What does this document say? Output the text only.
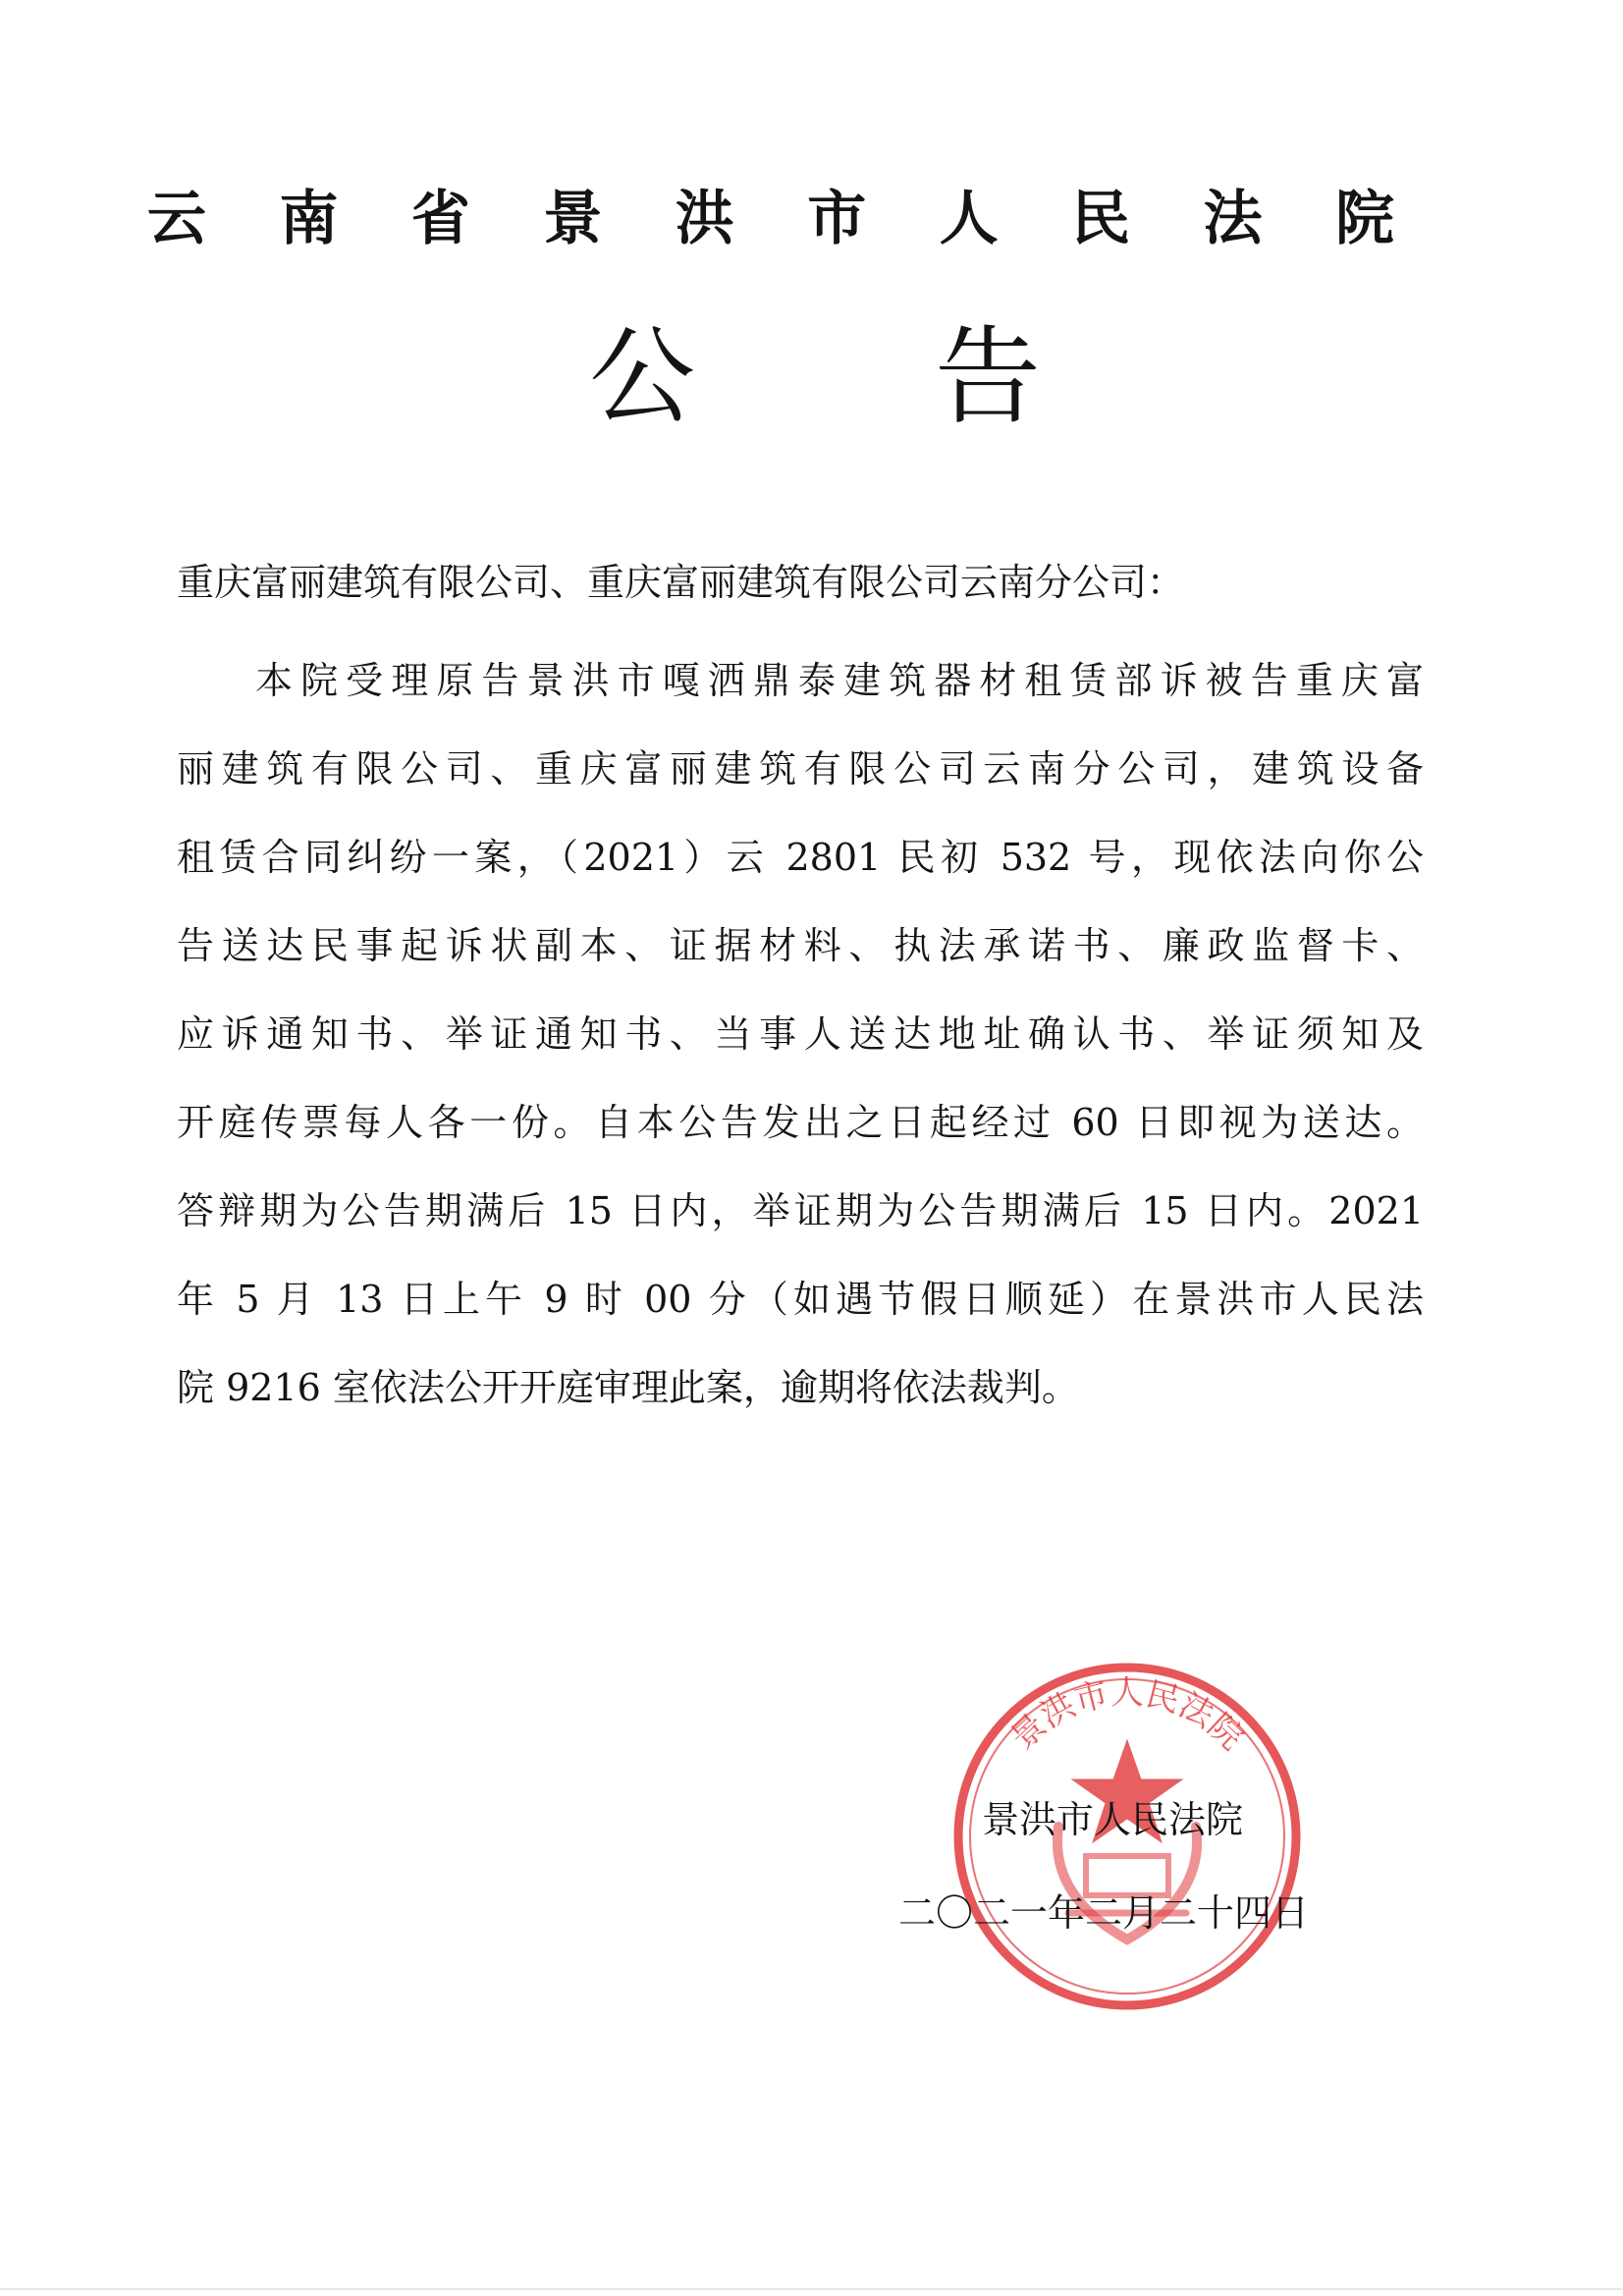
云 南 省 景 洪 市 人 民 法 院
公 告
重庆富丽建筑有限公司、重庆富丽建筑有限公司云南分公司：
本院受理原告景洪市嘎洒鼎泰建筑器材租赁部诉被告重庆富
丽建筑有限公司、重庆富丽建筑有限公司云南分公司，建筑设备
租赁合同纠纷一案，（2021）云 2801 民初 532 号，现依法向你公
告送达民事起诉状副本、证据材料、执法承诺书、廉政监督卡、
应诉通知书、举证通知书、当事人送达地址确认书、举证须知及
开庭传票每人各一份。自本公告发出之日起经过 60 日即视为送达。
答辩期为公告期满后 15 日内，举证期为公告期满后 15 日内。2021
年 5 月 13 日上午 9 时 00 分（如遇节假日顺延）在景洪市人民法
院 9216 室依法公开开庭审理此案，逾期将依法裁判。
景洪市人民法院
景洪市人民法院
二〇二一年二月二十四日
